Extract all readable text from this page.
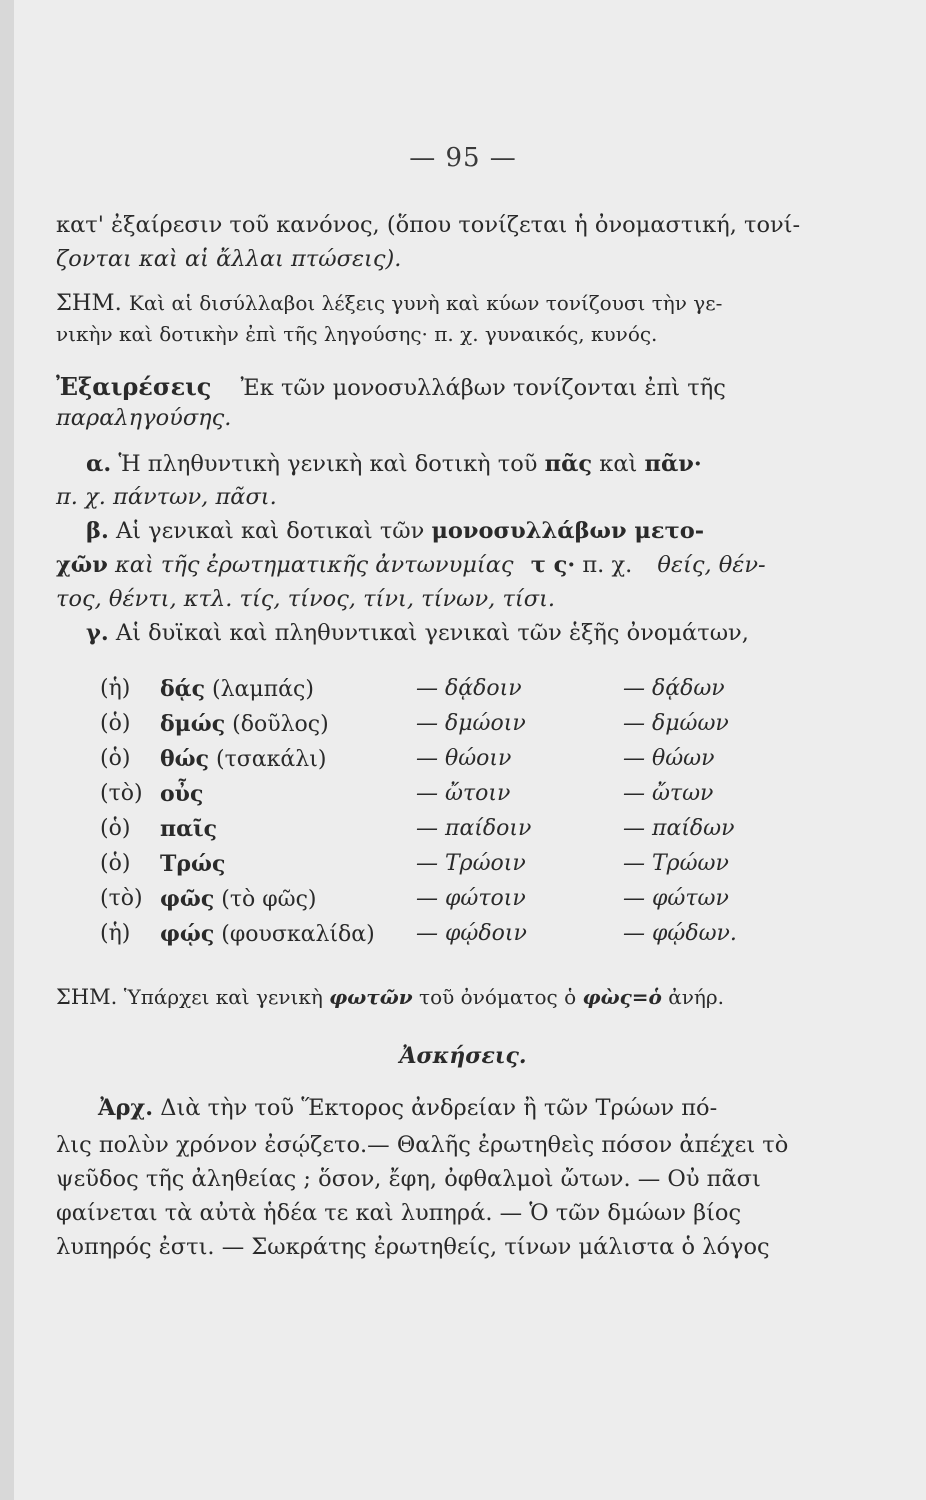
— 95 —
κατ' ἐξαίρεσιν τοῦ κανόνος, (ὅπου τονίζεται ἡ ὀνομαστική, τονί-
ζονται καὶ αἱ ἄλλαι πτώσεις).
ΣΗΜ. Καὶ αἱ δισύλλαβοι λέξεις γυνὴ καὶ κύων τονίζουσι τὴν γε-
νικὴν καὶ δοτικὴν ἐπὶ τῆς ληγούσης· π. χ. γυναικός, κυνός.
Ἐξαιρέσεις Ἐκ τῶν μονοσυλλάβων τονίζονται ἐπὶ τῆς
παραληγούσης.
α. Ἡ πληθυντικὴ γενικὴ καὶ δοτικὴ τοῦ πᾶς καὶ πᾶν·
π. χ. πάντων, πᾶσι.
β. Αἱ γενικαὶ καὶ δοτικαὶ τῶν μονοσυλλάβων μετο-
χῶν καὶ τῆς ἐρωτηματικῆς ἀντωνυμίας τ ς· π. χ. θείς, θέν-
τος, θέντι, κτλ. τίς, τίνος, τίνι, τίνων, τίσι.
γ. Αἱ δυϊκαὶ καὶ πληθυντικαὶ γενικαὶ τῶν ἑξῆς ὀνομάτων,
(ἡ) δᾴς (λαμπάς)	— δᾴδοιν	— δᾴδων
(ὁ) δμώς (δοῦλος)	— δμώοιν	— δμώων
(ὁ) θώς (τσακάλι)	— θώοιν	— θώων
(τὸ) οὖς	— ὤτοιν	— ὤτων
(ὁ) παῖς	— παίδοιν	— παίδων
(ὁ) Τρώς	— Τρώοιν	— Τρώων
(τὸ) φῶς (τὸ φῶς)	— φώτοιν	— φώτων
(ἡ) φῴς (φουσκαλίδα) — φῴδοιν	— φῴδων.
ΣΗΜ. Ὑπάρχει καὶ γενικὴ φωτῶν τοῦ ὀνόματος ὁ φὼς=ὁ ἀνήρ.
Ἀσκήσεις.
Ἀρχ. Διὰ τὴν τοῦ Ἕκτορος ἀνδρείαν ἢ τῶν Τρώων πό-
λις πολὺν χρόνον ἐσῴζετο.— Θαλῆς ἐρωτηθεὶς πόσον ἀπέχει τὸ
ψεῦδος τῆς ἀληθείας ; ὅσον, ἔφη, ὀφθαλμοὶ ὤτων. — Οὐ πᾶσι
φαίνεται τὰ αὐτὰ ἡδέα τε καὶ λυπηρά. — Ὁ τῶν δμώων βίος
λυπηρός ἐστι. — Σωκράτης ἐρωτηθείς, τίνων μάλιστα ὁ λόγος
